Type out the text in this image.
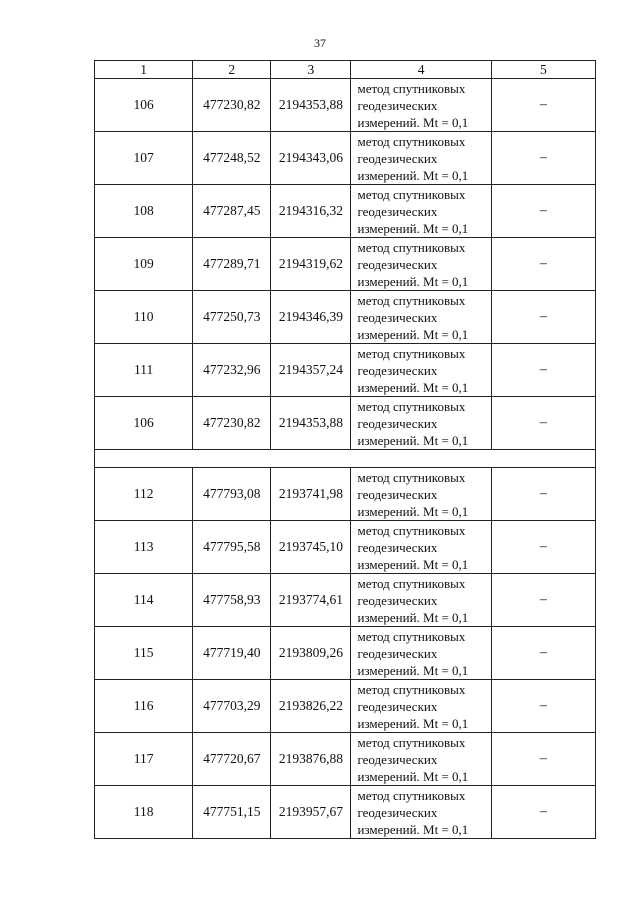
37
1	2	3	4	5
106	477230,82	2194353,88	метод спутниковых
геодезических
измерений. Mt = 0,1	–
107	477248,52	2194343,06	метод спутниковых
геодезических
измерений. Mt = 0,1	–
108	477287,45	2194316,32	метод спутниковых
геодезических
измерений. Mt = 0,1	–
109	477289,71	2194319,62	метод спутниковых
геодезических
измерений. Mt = 0,1	–
110	477250,73	2194346,39	метод спутниковых
геодезических
измерений. Mt = 0,1	–
111	477232,96	2194357,24	метод спутниковых
геодезических
измерений. Mt = 0,1	–
106	477230,82	2194353,88	метод спутниковых
геодезических
измерений. Mt = 0,1	–

112	477793,08	2193741,98	метод спутниковых
геодезических
измерений. Mt = 0,1	–
113	477795,58	2193745,10	метод спутниковых
геодезических
измерений. Mt = 0,1	–
114	477758,93	2193774,61	метод спутниковых
геодезических
измерений. Mt = 0,1	–
115	477719,40	2193809,26	метод спутниковых
геодезических
измерений. Mt = 0,1	–
116	477703,29	2193826,22	метод спутниковых
геодезических
измерений. Mt = 0,1	–
117	477720,67	2193876,88	метод спутниковых
геодезических
измерений. Mt = 0,1	–
118	477751,15	2193957,67	метод спутниковых
геодезических
измерений. Mt = 0,1	–
